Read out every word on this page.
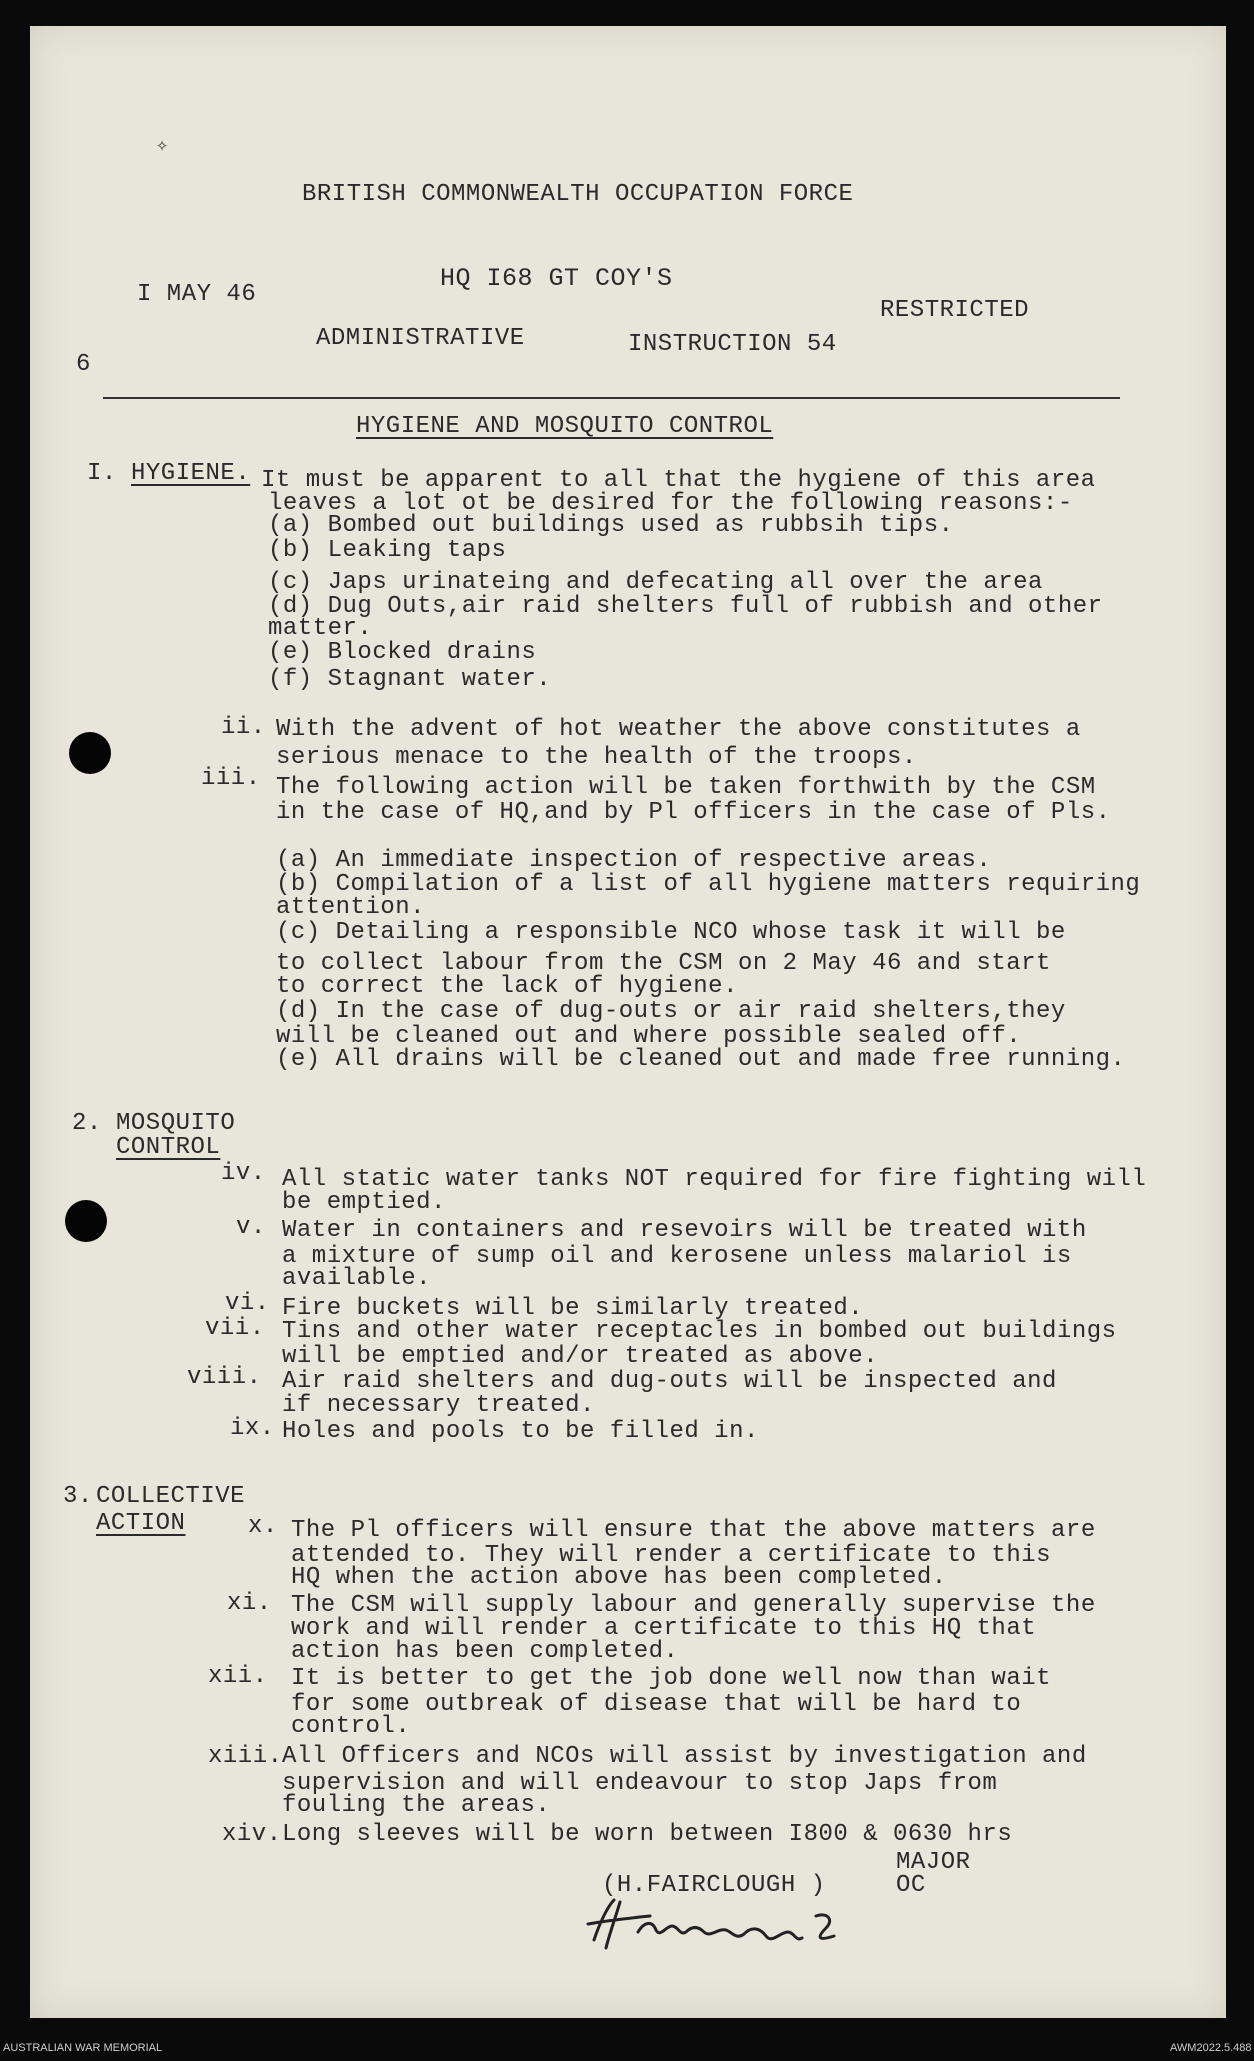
✧
BRITISH COMMONWEALTH OCCUPATION FORCE
HQ I68 GT COY'S
I MAY 46
RESTRICTED
ADMINISTRATIVE	INSTRUCTION 54
6
HYGIENE AND MOSQUITO CONTROL
I. HYGIENE. It must be apparent to all that the hygiene of this area
leaves a lot ot be desired for the following reasons:-
(a) Bombed out buildings used as rubbsih tips.
(b) Leaking taps
(c) Japs urinateing and defecating all over the area
(d) Dug Outs,air raid shelters full of rubbish and other
matter.
(e) Blocked drains
(f) Stagnant water.
ii. With the advent of hot weather the above constitutes a
serious menace to the health of the troops.
iii. The following action will be taken forthwith by the CSM
in the case of HQ,and by Pl officers in the case of Pls.
(a) An immediate inspection of respective areas.
(b) Compilation of a list of all hygiene matters requiring
attention.
(c) Detailing a responsible NCO whose task it will be
to collect labour from the CSM on 2 May 46 and start
to correct the lack of hygiene.
(d) In the case of dug-outs or air raid shelters,they
will be cleaned out and where possible sealed off.
(e) All drains will be cleaned out and made free running.
2. MOSQUITO
CONTROL
iv. All static water tanks NOT required for fire fighting will
be emptied.
v. Water in containers and resevoirs will be treated with
a mixture of sump oil and kerosene unless malariol is
available.
vi. Fire buckets will be similarly treated.
vii. Tins and other water receptacles in bombed out buildings
will be emptied and/or treated as above.
viii. Air raid shelters and dug-outs will be inspected and
if necessary treated.
ix. Holes and pools to be filled in.
3. COLLECTIVE
ACTION	x. The Pl officers will ensure that the above matters are
attended to. They will render a certificate to this
HQ when the action above has been completed.
xi. The CSM will supply labour and generally supervise the
work and will render a certificate to this HQ that
action has been completed.
xii. It is better to get the job done well now than wait
for some outbreak of disease that will be hard to
control.
xiii. All Officers and NCOs will assist by investigation and
supervision and will endeavour to stop Japs from
fouling the areas.
xiv. Long sleeves will be worn between I800 & 0630 hrs
MAJOR
(H.FAIRCLOUGH )	OC
AUSTRALIAN WAR MEMORIAL	AWM2022.5.488
